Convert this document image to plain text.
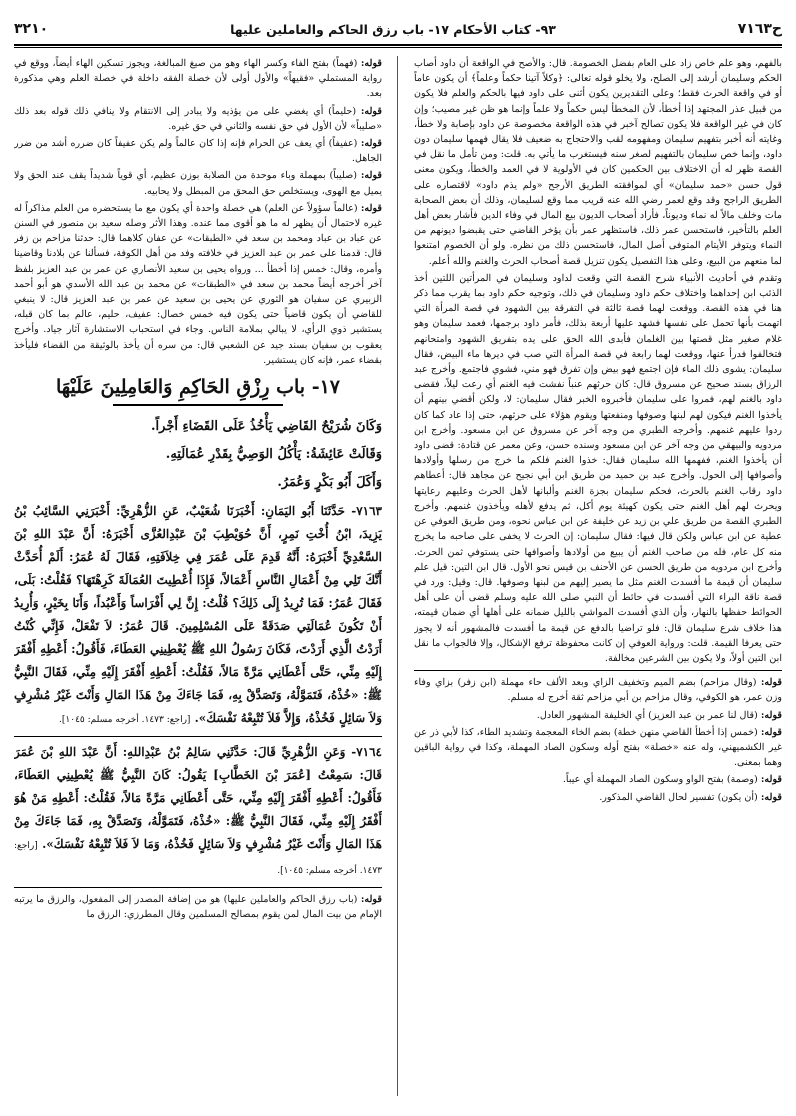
ح٧١٦٣
٩٣- كتاب الأحكام ١٧- باب رزق الحاكم والعاملين عليها
٣٢١٠

بالفهم، وهو علم خاص زاد على العام بفضل الخصومة. قال: والأصح في الواقعة أن داود أصاب الحكم وسليمان أرشد إلى الصلح، ولا يخلو قوله تعالى: ﴿وكلاً آتينا حكماً وعلماً﴾ أن يكون عاماً أو في واقعة الحرث فقط؛ وعلى التقديرين يكون أثنى على داود فيها بالحكم والعلم فلا يكون من قبيل عذر المجتهد إذا أخطأ، لأن المخطأ ليس حكماً ولا علماً وإنما هو ظن غير مصيب؛ وإن كان في غير الواقعة فلا يكون تصالح آخبر في هذه الواقعة مخصوصة عن داود بإصابة ولا خطأ، وغايته أنه أخبر بتفهيم سليمان ومفهومه لقب والاحتجاج به ضعيف فلا يقال فهمها سليمان دون داود، وإنما خص سليمان بالتفهيم لصغر سنه فيستغرب ما يأتي به. قلت: ومن تأمل ما نقل في القصة ظهر له أن الاختلاف بين الحكمين كان في الأولوية لا في العمد والخطأ، ويكون معنى قول حسن «حمد سليمان» أي لموافقته الطريق الأرجح «ولم يذم داود» لاقتصاره على الطريق الراجح وقد وقع لعمر رضي الله عنه قريب مما وقع لسليمان، وذلك أن بعض الصحابة مات وخلف مالاً له نماء وديوناً، فأراد أصحاب الديون بيع المال في وفاء الدين فأشار بعض أهل العلم بالتأخير، فاستحسن عمر ذلك، فاستظهر عمر بأن يؤخر القاضي حتى يقبضوا ديونهم من النماء ويتوفر الأيتام المتوفى أصل المال، فاستحسن ذلك من نظره. ولو أن الخصوم امتنعوا لما منعهم من البيع، وعلى هذا التفصيل يكون تنزيل قصة أصحاب الحرث والغنم والله أعلم.

وتقدم في أحاديث الأنبياء شرح القصة التي وقعت لداود وسليمان في المرأتين اللتين أخذ الذئب ابن إحداهما واختلاف حكم داود وسليمان في ذلك، وتوجيه حكم داود بما يقرب مما ذكر هنا في هذه القصة. ووقعت لهما قصة ثالثة في التفرقة بين الشهود في قصة المرأة التي اتهمت بأنها تحمل على نفسها فشهد عليها أربعة بذلك، فأمر داود برجمها، فعمد سليمان وهو غلام صغير مثل قصتها بين الغلمان فأبدى الله الحق على يده بتفريق الشهود وامتحانهم فتخالفوا فدرأ عنها، ووقعت لهما رابعة في قصة المرأة التي صب في ديرها ماء البيض، فقال سليمان: يشوى ذلك الماء فإن اجتمع فهو بيض وإن تفرق فهو مني، فشوي فاجتمع. وأخرج عبد الرزاق بسند صحيح عن مسروق قال: كان حرثهم عنباً نفشت فيه الغنم أي رعت ليلاً، فقضى داود بالغنم لهم، فمروا على سليمان فأخبروه الخبر فقال سليمان: لا، ولكن أقضي بينهم أن يأخذوا الغنم فيكون لهم لبنها وصوفها ومنفعتها ويقوم هؤلاء على حرثهم، حتى إذا عاد كما كان ردوا عليهم غنمهم. وأخرجه الطبري من وجه آخر عن مسروق عن ابن مسعود. وأخرج ابن مردويه والبيهقي من وجه آخر عن ابن مسعود وسنده حسن، وعن معمر عن قتادة: قضى داود أن يأخذوا الغنم، ففهمها الله سليمان فقال: خذوا الغنم فلكم ما خرج من رسلها وأولادها وأصوافها إلى الحول. وأخرج عبد بن حميد من طريق ابن أبي نجيح عن مجاهد قال: أعطاهم داود رقاب الغنم بالحرث، فحكم سليمان بجزة الغنم وألبانها لأهل الحرث وعليهم رعايتها ويحرث لهم أهل الغنم حتى يكون كهيئة يوم أكل، ثم يدفع لأهله ويأخذون غنمهم. وأخرج الطبري القصة من طريق علي بن زيد عن خليفة عن ابن عباس نحوه، ومن طريق العوفي عن عطية عن ابن عباس ولكن قال فيها: فقال سليمان: إن الحرث لا يخفى على صاحبه ما يخرج منه كل عام، فله من صاحب الغنم أن يبيع من أولادها وأصوافها حتى يستوفي ثمن الحرث. وأخرج ابن مردويه من طريق الحسن عن الأحنف بن قيس نحو الأول. قال ابن التين: قيل علم سليمان أن قيمة ما أفسدت الغنم مثل ما يصير إليهم من لبنها وصوفها. قال: وقيل: ورد في قصة ناقة البراء التي أفسدت في حائط أن النبي صلى الله عليه وسلم قضى أن على أهل الحوائط حفظها بالنهار، وأن الذي أفسدت المواشي بالليل ضمانه على أهلها أي ضمان قيمته، هذا خلاف شرع سليمان قال: فلو تراضيا بالدفع عن قيمة ما أفسدت فالمشهور أنه لا يجوز حتى يعرفا القيمة. قلت: ورواية العوفي إن كانت محفوظة ترفع الإشكال، وإلا فالجواب ما نقل ابن التين أولاً، ولا يكون بين الشرعين مخالفة.

قوله: (وقال مزاحم) بضم الميم وتخفيف الزاي وبعد الألف حاء مهملة (ابن زفر) بزاي وفاء وزن عمر، هو الكوفي، وقال مزاحم بن أبي مزاحم ثقة أخرج له مسلم.

قوله: (قال لنا عمر بن عبد العزيز) أي الخليفة المشهور العادل.

قوله: (خمس إذا أخطأ القاضي منهن خطة) بضم الخاء المعجمة وتشديد الطاء، كذا لأبي ذر عن غير الكشميهني، وله عنه «خصلة» بفتح أوله وسكون الصاد المهملة، وكذا في رواية الباقين وهما بمعنى.

قوله: (وصمة) بفتح الواو وسكون الصاد المهملة أي عيباً.

قوله: (أن يكون) تفسير لحال القاضي المذكور.

قوله: (فهماً) بفتح الفاء وكسر الهاء وهو من صيغ المبالغة، ويجوز تسكين الهاء أيضاً، ووقع في رواية المستملي «فقيهاً» والأول أولى لأن خصلة الفقه داخلة في خصلة العلم وهي مذكورة بعد.

قوله: (حليماً) أي يغضي على من يؤذيه ولا يبادر إلى الانتقام ولا ينافي ذلك قوله بعد ذلك «صليباً» لأن الأول في حق نفسه والثاني في حق غيره.

قوله: (عفيفاً) أي يعف عن الحرام فإنه إذا كان عالماً ولم يكن عفيفاً كان ضرره أشد من ضرر الجاهل.

قوله: (صليباً) بمهملة وباء موحدة من الصلابة بوزن عظيم، أي قوياً شديداً يقف عند الحق ولا يميل مع الهوى، ويستخلص حق المحق من المبطل ولا يحابيه.

قوله: (عالماً سؤولاً عن العلم) هي خصلة واحدة أي يكون مع ما يستحضره من العلم مذاكراً له غيره لاحتمال أن يظهر له ما هو أقوى مما عنده. وهذا الأثر وصله سعيد بن منصور في السنن عن عباد بن عباد ومحمد بن سعد في «الطبقات» عن عفان كلاهما قال: حدثنا مزاحم بن زفر قال: قدمنا على عمر بن عبد العزيز في خلافته وفد من أهل الكوفة، فسألنا عن بلادنا وقاضينا وأمره، وقال: خمس إذا أخطأ ... ورواه يحيى بن سعيد الأنصاري عن عمر بن عبد العزيز بلفظ آخر أخرجه أيضاً محمد بن سعد في «الطبقات» عن محمد بن عبد الله الأسدي هو أبو أحمد الزبيري عن سفيان هو الثوري عن يحيى بن سعيد عن عمر بن عبد العزيز قال: لا ينبغي للقاضي أن يكون قاضياً حتى يكون فيه خمس خصال: عفيف، حليم، عالم بما كان قبله، يستشير ذوي الرأي، لا يبالي بملامة الناس. وجاء في استحباب الاستشارة آثار جياد. وأخرج يعقوب بن سفيان بسند جيد عن الشعبي قال: من سره أن يأخذ بالوثيقة من القضاء فليأخذ بقضاء عمر، فإنه كان يستشير.

١٧- باب رِزْقِ الحَاكِمِ وَالعَامِلِينَ عَلَيْهَا

وَكَانَ شُرَيْحٌ القَاضِي يَأْخُذُ عَلَى القَضَاءِ أَجْراً.

وَقَالَتْ عَائِشَةُ: يَأْكُلُ الوَصِيُّ بِقَدْرِ عُمَالَتِهِ.

وَأَكَلَ أَبُو بَكْرٍ وَعُمَرُ.

٧١٦٣- حَدَّثَنَا أَبُو اليَمَانِ: أَخْبَرَنَا شُعَيْبٌ، عَنِ الزُّهْرِيِّ: أَخْبَرَنِي السَّائِبُ بْنُ يَزِيدَ، ابْنُ أُخْتِ نَمِرٍ، أَنَّ حُوَيْطِبَ بْنَ عَبْدِالعُزَّى أَخْبَرَهُ: أَنَّ عَبْدَ اللهِ بْنَ السَّعْدِيِّ أَخْبَرَهُ: أَنَّهُ قَدِمَ عَلَى عُمَرَ فِي خِلاَفَتِهِ، فَقَالَ لَهُ عُمَرُ: أَلَمْ أُحَدَّثْ أَنَّكَ تَلِي مِنْ أَعْمَالِ النَّاسِ أَعْمَالاً، فَإِذَا أُعْطِيتَ العُمَالَةَ كَرِهْتَهَا؟ فَقُلْتُ: بَلَى، فَقَالَ عُمَرُ: فَمَا تُرِيدُ إِلَى ذَلِكَ؟ قُلْتُ: إِنَّ لِي أَفْرَاساً وَأَعْبُداً، وَأَنَا بِخَيْرٍ، وَأُرِيدُ أَنْ تَكُونَ عُمَالَتِي صَدَقَةً عَلَى المُسْلِمِينَ. قَالَ عُمَرُ: لاَ تَفْعَلْ، فَإِنِّي كُنْتُ أَرَدْتُ الَّذِي أَرَدْتَ، فَكَانَ رَسُولُ اللهِ ﷺ يُعْطِينِي العَطَاءَ، فَأَقُولُ: أَعْطِهِ أَفْقَرَ إِلَيْهِ مِنِّي، حَتَّى أَعْطَانِي مَرَّةً مَالاً، فَقُلْتُ: أَعْطِهِ أَفْقَرَ إِلَيْهِ مِنِّي، فَقَالَ النَّبِيُّ ﷺ: «خُذْهُ، فَتَمَوَّلْهُ، وَتَصَدَّقْ بِهِ، فَمَا جَاءَكَ مِنْ هَذَا المَالِ وَأَنْتَ غَيْرُ مُشْرِفٍ وَلاَ سَائِلٍ فَخُذْهُ، وَإِلاَّ فَلاَ تُتْبِعْهُ نَفْسَكَ». [راجع: ١٤٧٣. أخرجه مسلم: ١٠٤٥].

٧١٦٤- وَعَنِ الزُّهْرِيِّ قَالَ: حَدَّثَنِي سَالِمُ بْنُ عَبْدِاللهِ: أَنَّ عَبْدَ اللهِ بْنَ عُمَرَ قَالَ: سَمِعْتُ [عُمَرَ بْنَ الخَطَّابِ] يَقُولُ: كَانَ النَّبِيُّ ﷺ يُعْطِينِي العَطَاءَ، فَأَقُولُ: أَعْطِهِ أَفْقَرَ إِلَيْهِ مِنِّي، حَتَّى أَعْطَانِي مَرَّةً مَالاً، فَقُلْتُ: أَعْطِهِ مَنْ هُوَ أَفْقَرُ إِلَيْهِ مِنِّي، فَقَالَ النَّبِيُّ ﷺ: «خُذْهُ، فَتَمَوَّلْهُ، وَتَصَدَّقْ بِهِ، فَمَا جَاءَكَ مِنْ هَذَا المَالِ وَأَنْتَ غَيْرُ مُشْرِفٍ وَلاَ سَائِلٍ فَخُذْهُ، وَمَا لاَ فَلاَ تُتْبِعْهُ نَفْسَكَ». [راجع: ١٤٧٣. أخرجه مسلم: ١٠٤٥].

قوله: (باب رزق الحاكم والعاملين عليها) هو من إضافة المصدر إلى المفعول، والرزق ما يرتبه الإمام من بيت المال لمن يقوم بمصالح المسلمين وقال المطرزي: الرزق ما
